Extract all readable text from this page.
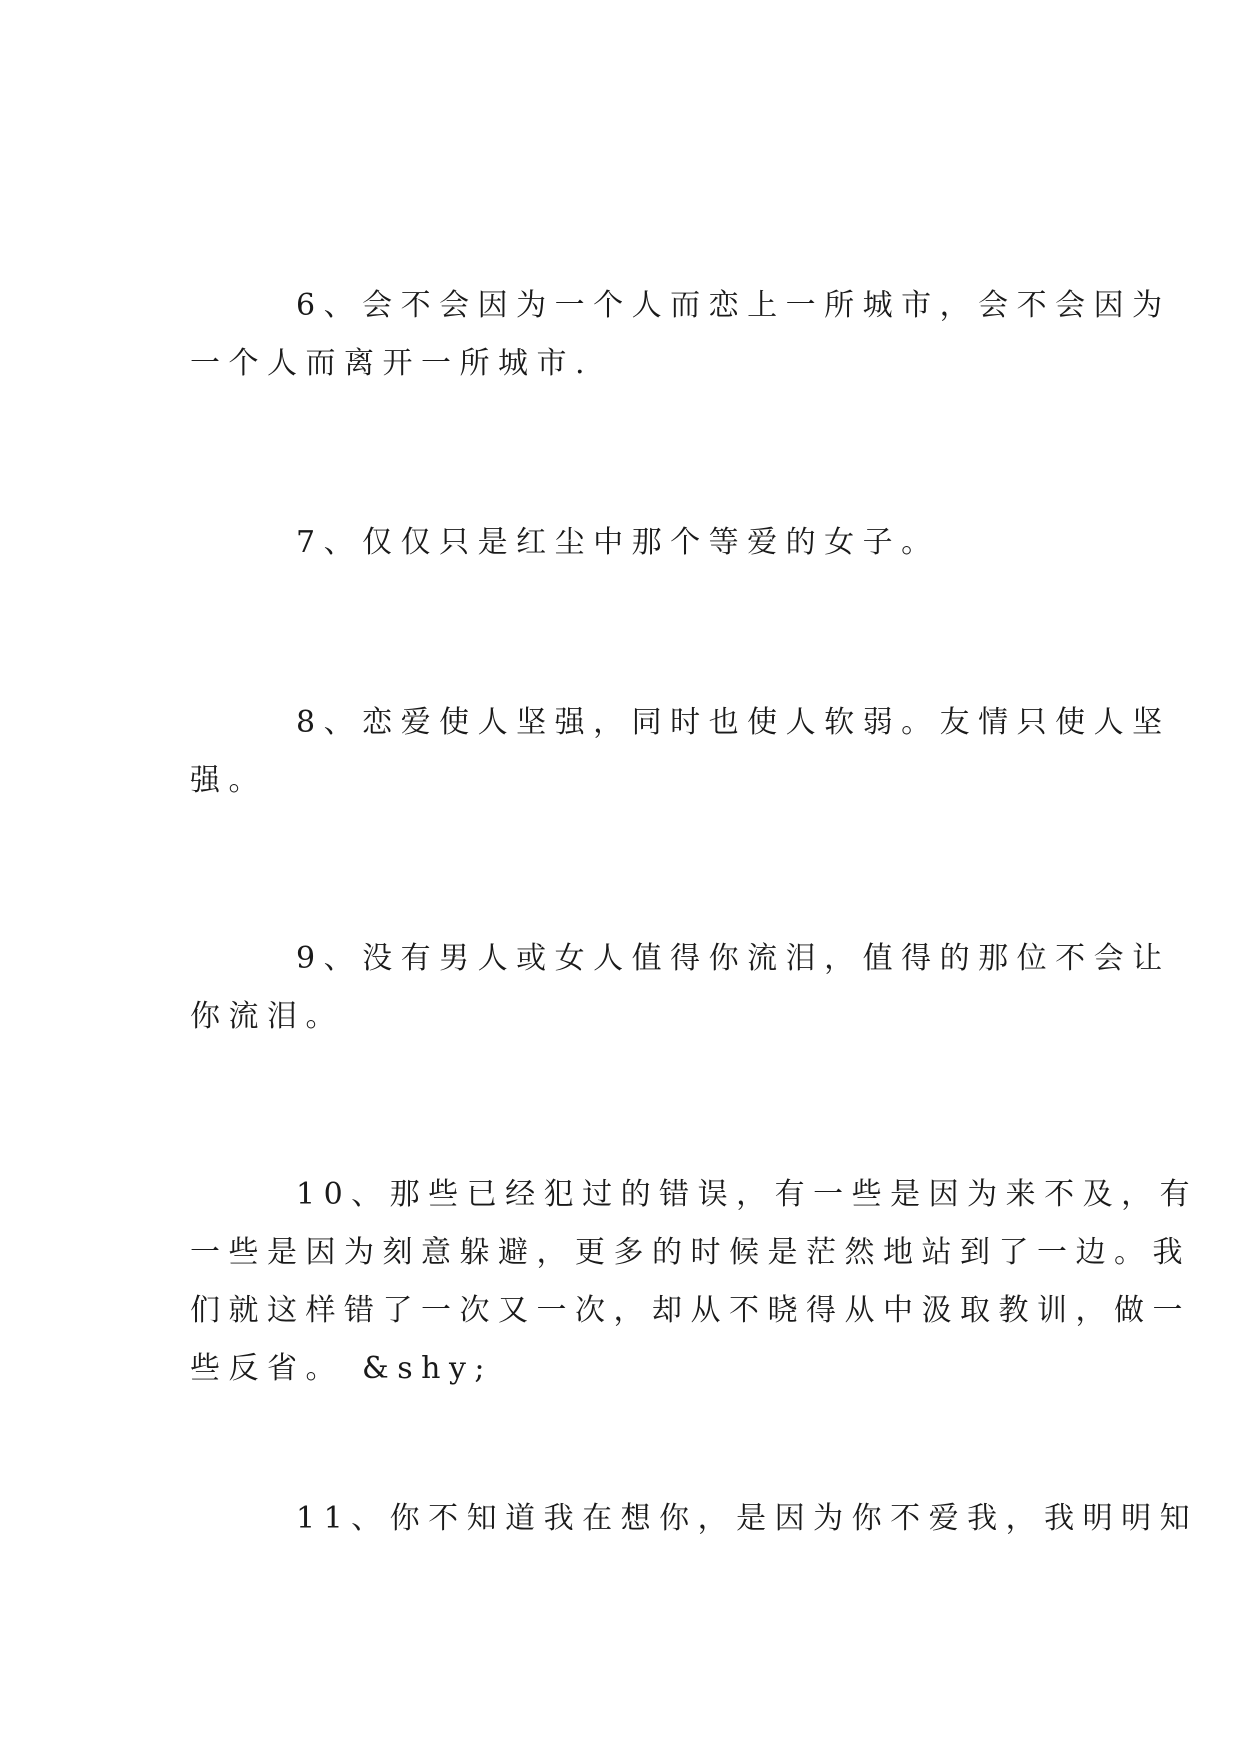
6、会不会因为一个人而恋上一所城市，会不会因为
一个人而离开一所城市.

7、仅仅只是红尘中那个等爱的女子。

8、恋爱使人坚强，同时也使人软弱。友情只使人坚
强。

9、没有男人或女人值得你流泪，值得的那位不会让
你流泪。

10、那些已经犯过的错误，有一些是因为来不及，有
一些是因为刻意躲避，更多的时候是茫然地站到了一边。我
们就这样错了一次又一次，却从不晓得从中汲取教训，做一
些反省。 &shy;

11、你不知道我在想你，是因为你不爱我，我明明知
